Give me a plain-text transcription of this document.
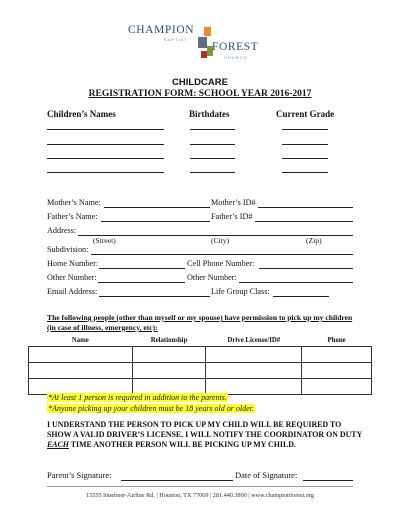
CHAMPION
BAPTIST
FOREST
CHURCH
CHILDCARE
REGISTRATION FORM: SCHOOL YEAR 2016-2017
Children’s Names	Birthdates	Current Grade
Mother’s Name:	Mother’s ID#
Father’s Name:	Father’s ID#
Address:
(Street)	(City)	(Zip)
Subdivision:
Home Number:	Cell Phone Number:
Other Number:	Other Number:
Email Address:	Life Group Class:
The following people (other than myself or my spouse) have permission to pick up my children (in case of illness, emergency, etc):
Name	Relationship	Drive License/ID#	Phone

*At least 1 person is required in addition to the parents.
*Anyone picking up your children must be 18 years old or older.
I UNDERSTAND THE PERSON TO PICK UP MY CHILD WILL BE REQUIRED TO SHOW A VALID DRIVER’S LICENSE. I WILL NOTIFY THE COORDINATOR ON DUTY EACH TIME ANOTHER PERSON WILL BE PICKING UP MY CHILD.
Parent’s Signature:	Date of Signature:
15555 Stuebner-Airline Rd. | Houston, TX 77069 | 281.440.3800 | www.championforest.org
